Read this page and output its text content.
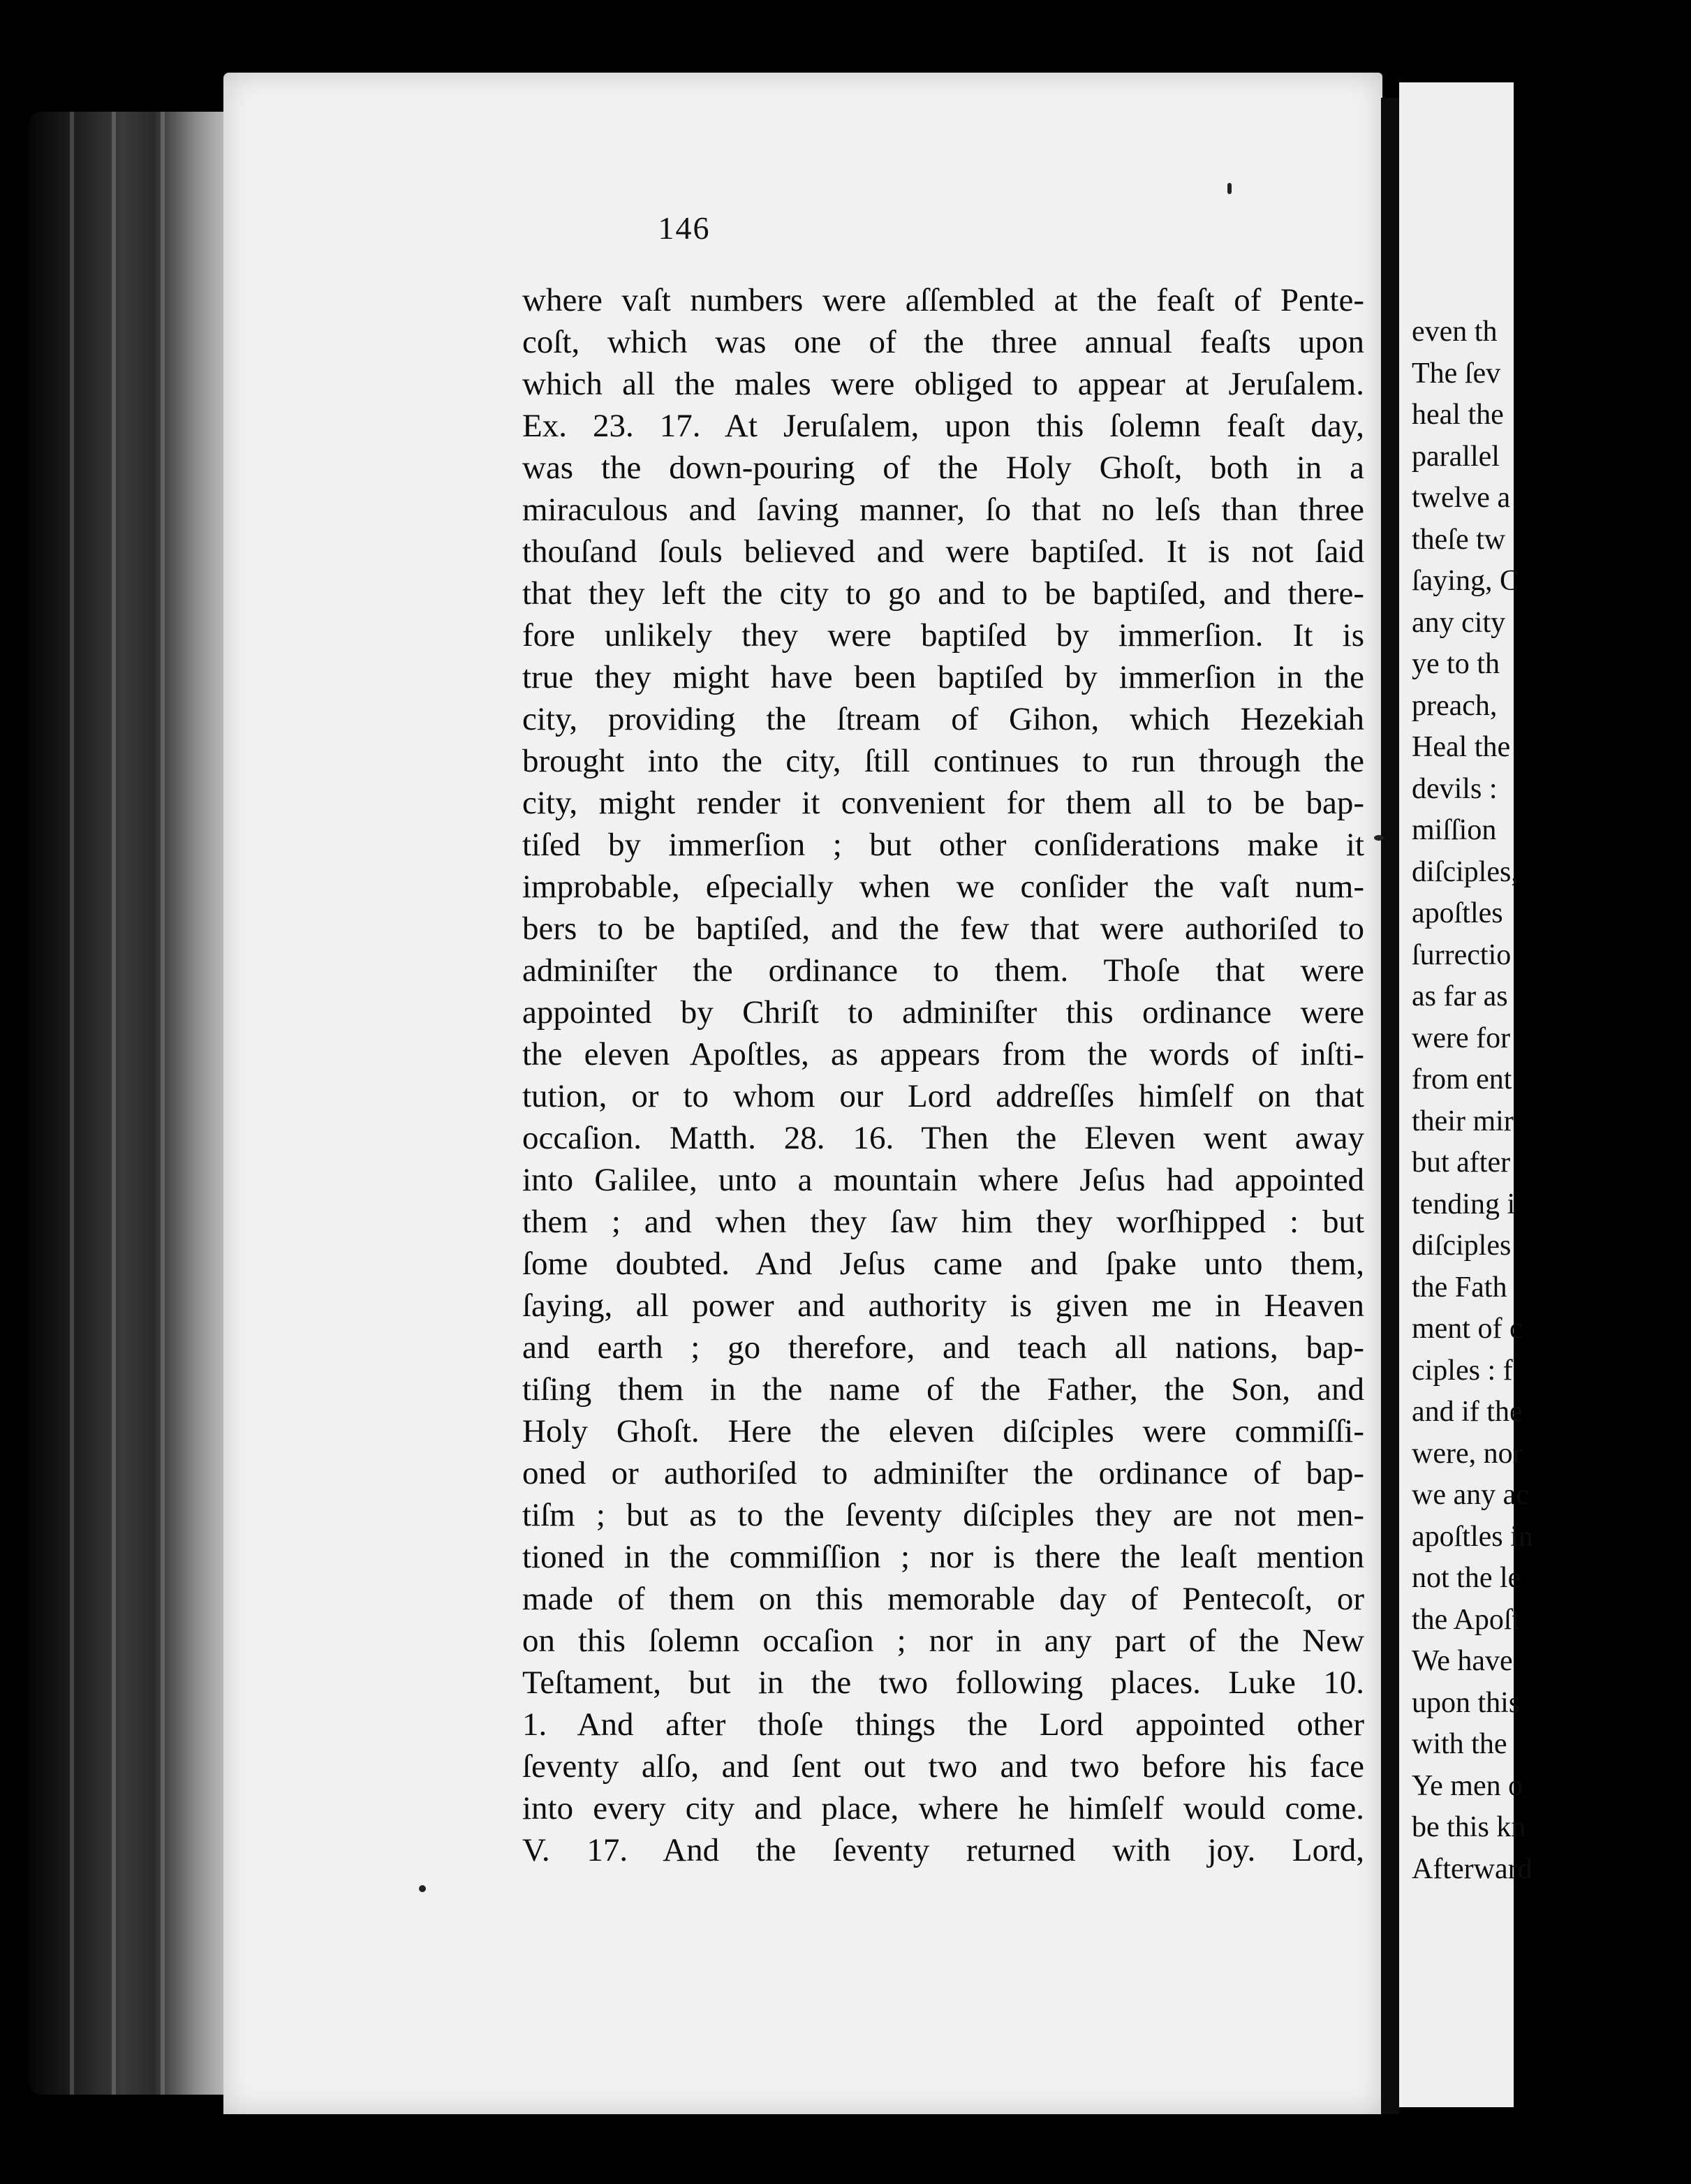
even th
The ſev
heal the
parallel
twelve a
theſe tw
ſaying, C
any city
ye to th
preach,
Heal the
devils :
miſſion
diſciples,
apoſtles
ſurrectio
as far as
were for
from ent
their mir
but after
tending i
diſciples
the Fath
ment of c
ciples : f
and if the
were, nor
we any ac
apoſtles in
not the le
the Apoſt
We have
upon this
with the
Ye men o
be this kn
Afterward
146
where vaſt numbers were aſſembled at the feaſt of Pente-
coſt, which was one of the three annual feaſts upon
which all the males were obliged to appear at Jeruſalem.
Ex. 23. 17. At Jeruſalem, upon this ſolemn feaſt day,
was the down-pouring of the Holy Ghoſt, both in a
miraculous and ſaving manner, ſo that no leſs than three
thouſand ſouls believed and were baptiſed. It is not ſaid
that they left the city to go and to be baptiſed, and there-
fore unlikely they were baptiſed by immerſion. It is
true they might have been baptiſed by immerſion in the
city, providing the ſtream of Gihon, which Hezekiah
brought into the city, ſtill continues to run through the
city, might render it convenient for them all to be bap-
tiſed by immerſion ; but other conſiderations make it
improbable, eſpecially when we conſider the vaſt num-
bers to be baptiſed, and the few that were authoriſed to
adminiſter the ordinance to them. Thoſe that were
appointed by Chriſt to adminiſter this ordinance were
the eleven Apoſtles, as appears from the words of inſti-
tution, or to whom our Lord addreſſes himſelf on that
occaſion. Matth. 28. 16. Then the Eleven went away
into Galilee, unto a mountain where Jeſus had appointed
them ; and when they ſaw him they worſhipped : but
ſome doubted. And Jeſus came and ſpake unto them,
ſaying, all power and authority is given me in Heaven
and earth ; go therefore, and teach all nations, bap-
tiſing them in the name of the Father, the Son, and
Holy Ghoſt. Here the eleven diſciples were commiſſi-
oned or authoriſed to adminiſter the ordinance of bap-
tiſm ; but as to the ſeventy diſciples they are not men-
tioned in the commiſſion ; nor is there the leaſt mention
made of them on this memorable day of Pentecoſt, or
on this ſolemn occaſion ; nor in any part of the New
Teſtament, but in the two following places. Luke 10.
1. And after thoſe things the Lord appointed other
ſeventy alſo, and ſent out two and two before his face
into every city and place, where he himſelf would come.
V. 17. And the ſeventy returned with joy. Lord,
